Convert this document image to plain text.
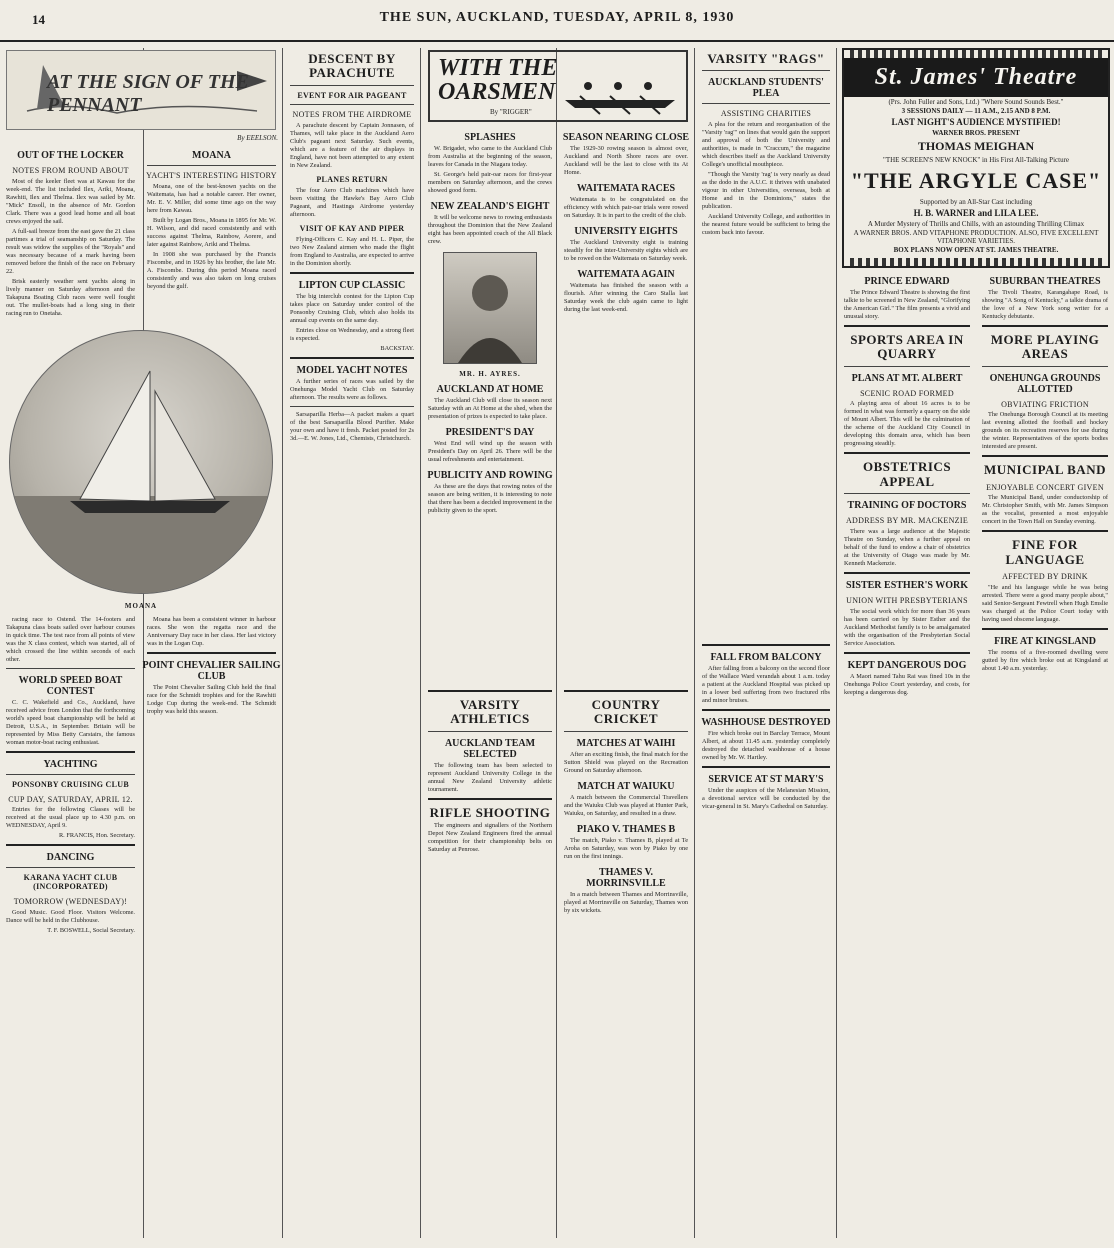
14	THE SUN, AUCKLAND, TUESDAY, APRIL 8, 1930
AT THE SIGN OF THE PENNANT
By EEELSON.
OUT OF THE LOCKER
NOTES FROM ROUND ABOUT

Most of the keeler fleet was at Kawau for the week-end. The list included Ilex, Ariki, Moana, Rawhiti, Ilex and Thelma. Ilex was sailed by Mr. "Mick" Ensoll, in the absence of Mr. Gordon Clark. There was a good lead home and all boat crews enjoyed the sail.

A full-sail breeze from the east gave the 21 class partimes a trial of seamanship on Saturday. The result was widow the supplies of the "Royals" and was necessary because of a mark having been removed before the finish of the race on February 22.

Brisk easterly weather sent yachts along in lively manner on Saturday afternoon and the Takapuna Boating Club races were well fought out. The mullet-boats had a long sing in their racing run to Onetaha.

MOANA
YACHT'S INTERESTING HISTORY

Moana, one of the best-known yachts on the Waitemata, has had a notable career. Her owner, Mr. E. V. Miller, did some time ago on the way here from Kawau.

Built by Logan Bros., Moana in 1895 for Mr. W. H. Wilson, and did raced consistently and with success against Thelma, Rainbow, Aorere, and later against Rainbow, Ariki and Thelma.

In 1908 she was purchased by the Francis Fiscombe, and in 1926 by his brother, the late Mr. A. Fiscombe. During this period Moana raced consistently and was also taken on long cruises beyond the gulf.

MOANA

racing race to Ostend. The 14-footers and Takapuna class boats sailed over harbour courses in quick time. The test race from all points of view was the X class contest, which was started, all of which crossed the line within seconds of each other.

WORLD SPEED BOAT CONTEST

C. C. Wakefield and Co., Auckland, have received advice from London that the forthcoming world's speed boat championship will be held at Detroit, U.S.A., in September. Britain will be represented by Miss Betty Carstairs, the famous woman motor-boat racing enthusiast.

YACHTING
PONSONBY CRUISING CLUB
CUP DAY, SATURDAY, APRIL 12.

Entries for the following Classes will be received at the usual place up to 4.30 p.m. on WEDNESDAY, April 9.

R. FRANCIS, Hon. Secretary.

DANCING
KARANA YACHT CLUB (INCORPORATED)
TOMORROW (WEDNESDAY)!

Good Music. Good Floor. Visitors Welcome. Dance will be held in the Clubhouse.

T. F. BOSWELL, Social Secretary.

Moana has been a consistent winner in harbour races. She won the regatta race and the Anniversary Day race in her class. Her last victory was in the Logan Cup.

POINT CHEVALIER SAILING CLUB

The Point Chevalier Sailing Club held the final race for the Schmidt trophies and for the Rawhiti Lodge Cup during the week-end. The Schmidt trophy was held this season.

DESCENT BY PARACHUTE
EVENT FOR AIR PAGEANT
NOTES FROM THE AIRDROME

A parachute descent by Captain Jonnasen, of Thames, will take place in the Auckland Aero Club's pageant next Saturday. Such events, which are a feature of the air displays in England, have not been attempted to any extent in New Zealand.

PLANES RETURN

The four Aero Club machines which have been visiting the Hawke's Bay Aero Club Pageant, and Hastings Airdrome yesterday afternoon.

VISIT OF KAY AND PIPER

Flying-Officers C. Kay and H. L. Piper, the two New Zealand airmen who made the flight from England to Australia, are expected to arrive in the Dominion shortly.

LIPTON CUP CLASSIC

The big interclub contest for the Lipton Cup takes place on Saturday under control of the Ponsonby Cruising Club, which also holds its annual cup events on the same day.

Entries close on Wednesday, and a strong fleet is expected.

BACKSTAY.

MODEL YACHT NOTES

A further series of races was sailed by the Onehunga Model Yacht Club on Saturday afternoon. The results were as follows.

Sarsaparilla Herba—A packet makes a quart of the best Sarsaparilla Blood Purifier. Make your own and have it fresh. Packet posted for 2s 3d.—E. W. Jones, Ltd., Chemists, Christchurch.

WITH THE
OARSMEN
By "RIGGER"
SPLASHES

W. Brigadet, who came to the Auckland Club from Australia at the beginning of the season, leaves for Canada in the Niagara today.

St. George's held pair-oar races for first-year members on Saturday afternoon, and the crews showed good form.

NEW ZEALAND'S EIGHT

It will be welcome news to rowing enthusiasts throughout the Dominion that the New Zealand eight has been appointed coach of the All Black crew.

MR. H. AYRES.
AUCKLAND AT HOME

The Auckland Club will close its season next Saturday with an At Home at the shed, when the presentation of prizes is expected to take place.

PRESIDENT'S DAY

West End will wind up the season with President's Day on April 26. There will be the usual refreshments and entertainment.

PUBLICITY AND ROWING

As these are the days that rowing notes of the season are being written, it is interesting to note that there has been a decided improvement in the publicity given to the sport.

SEASON NEARING CLOSE

The 1929-30 rowing season is almost over, Auckland and North Shore races are over. Auckland will be the last to close with its At Home.

WAITEMATA RACES

Waitemata is to be congratulated on the efficiency with which pair-oar trials were rowed on Saturday. It is in part to the credit of the club.

UNIVERSITY EIGHTS

The Auckland University eight is training steadily for the inter-University eights which are to be rowed on the Waitemata on Saturday week.

WAITEMATA AGAIN

Waitemata has finished the season with a flourish. After winning the Caro Stalla last Saturday week the club again came to light during the last week-end.

VARSITY ATHLETICS
AUCKLAND TEAM SELECTED

The following team has been selected to represent Auckland University College in the annual New Zealand University athletic tournament.

RIFLE SHOOTING

The engineers and signallers of the Northern Depot New Zealand Engineers fired the annual competition for their championship belts on Saturday at Penrose.

COUNTRY CRICKET
MATCHES AT WAIHI

After an exciting finish, the final match for the Sutton Shield was played on the Recreation Ground on Saturday afternoon.

MATCH AT WAIUKU

A match between the Commercial Travellers and the Waiuku Club was played at Hunter Park, Waiuku, on Saturday, and resulted in a draw.

PIAKO V. THAMES B

The match, Piako v. Thames B, played at Te Aroha on Saturday, was won by Piako by one run on the first innings.

THAMES V. MORRINSVILLE

In a match between Thames and Morrinsville, played at Morrinsville on Saturday, Thames won by six wickets.

VARSITY "RAGS"
AUCKLAND STUDENTS' PLEA
ASSISTING CHARITIES

A plea for the return and reorganisation of the "Varsity 'rag'" on lines that would gain the support and approval of both the University and authorities, is made in "Craccum," the magazine which describes itself as the Auckland University College's unofficial mouthpiece.

"Though the Varsity 'rag' is very nearly as dead as the dodo in the A.U.C. it thrives with unabated vigour in other Universities, overseas, both at Home and in the Dominions," states the publication.

Auckland University College, and authorities in the nearest future would be sufficient to bring the custom back into favour.

FALL FROM BALCONY

After falling from a balcony on the second floor of the Wallace Ward verandah about 1 a.m. today a patient at the Auckland Hospital was picked up in a lower bed suffering from two fractured ribs and minor bruises.

WASHHOUSE DESTROYED

Fire which broke out in Barclay Terrace, Mount Albert, at about 11.45 a.m. yesterday completely destroyed the detached washhouse of a house owned by Mr. W. Hartley.

SERVICE AT ST MARY'S

Under the auspices of the Melanesian Mission, a devotional service will be conducted by the vicar-general in St. Mary's Cathedral on Saturday.

St. James' Theatre
(Prs. John Fuller and Sons, Ltd.) "Where Sound Sounds Best."
3 SESSIONS DAILY — 11 A.M., 2.15 AND 8 P.M.
LAST NIGHT'S AUDIENCE MYSTIFIED!
WARNER BROS. PRESENT
THOMAS MEIGHAN
"THE SCREEN'S NEW KNOCK" in His First All-Talking Picture
"THE ARGYLE CASE"
Supported by an All-Star Cast including
H. B. WARNER and LILA LEE.
A Murder Mystery of Thrills and Chills, with an astounding Thrilling Climax
A WARNER BROS. AND VITAPHONE PRODUCTION. ALSO, FIVE EXCELLENT VITAPHONE VARIETIES.
BOX PLANS NOW OPEN AT ST. JAMES THEATRE.
PRINCE EDWARD

The Prince Edward Theatre is showing the first talkie to be screened in New Zealand, "Glorifying the American Girl." The film presents a vivid and unusual story.

SPORTS AREA IN QUARRY
PLANS AT MT. ALBERT
SCENIC ROAD FORMED

A playing area of about 16 acres is to be formed in what was formerly a quarry on the side of Mount Albert. This will be the culmination of the scheme of the Auckland City Council in developing this domain area, which has been progressing steadily.

OBSTETRICS APPEAL
TRAINING OF DOCTORS
ADDRESS BY MR. MACKENZIE

There was a large audience at the Majestic Theatre on Sunday, when a further appeal on behalf of the fund to endow a chair of obstetrics at the University of Otago was made by Mr. Kenneth Mackenzie.

SISTER ESTHER'S WORK
UNION WITH PRESBYTERIANS

The social work which for more than 36 years has been carried on by Sister Esther and the Auckland Methodist family is to be amalgamated with the organisation of the Presbyterian Social Service Association.

KEPT DANGEROUS DOG

A Maori named Tahu Rai was fined 10s in the Onehunga Police Court yesterday, and costs, for keeping a dangerous dog.

SUBURBAN THEATRES

The Tivoli Theatre, Karangahape Road, is showing "A Song of Kentucky," a talkie drama of the love of a New York song writer for a Kentucky debutante.

MORE PLAYING AREAS
ONEHUNGA GROUNDS ALLOTTED
OBVIATING FRICTION

The Onehunga Borough Council at its meeting last evening allotted the football and hockey grounds on its recreation reserves for use during the winter. Representatives of the sports bodies interested are present.

MUNICIPAL BAND
ENJOYABLE CONCERT GIVEN

The Municipal Band, under conductorship of Mr. Christopher Smith, with Mr. James Simpson as the vocalist, presented a most enjoyable concert in the Town Hall on Sunday evening.

FINE FOR LANGUAGE
AFFECTED BY DRINK

"He and his language while he was being arrested. There were a good many people about," said Senior-Sergeant Fewtrell when Hugh Emslie was charged at the Police Court today with having used obscene language.

FIRE AT KINGSLAND

The rooms of a five-roomed dwelling were gutted by fire which broke out at Kingsland at about 1.40 a.m. yesterday.
